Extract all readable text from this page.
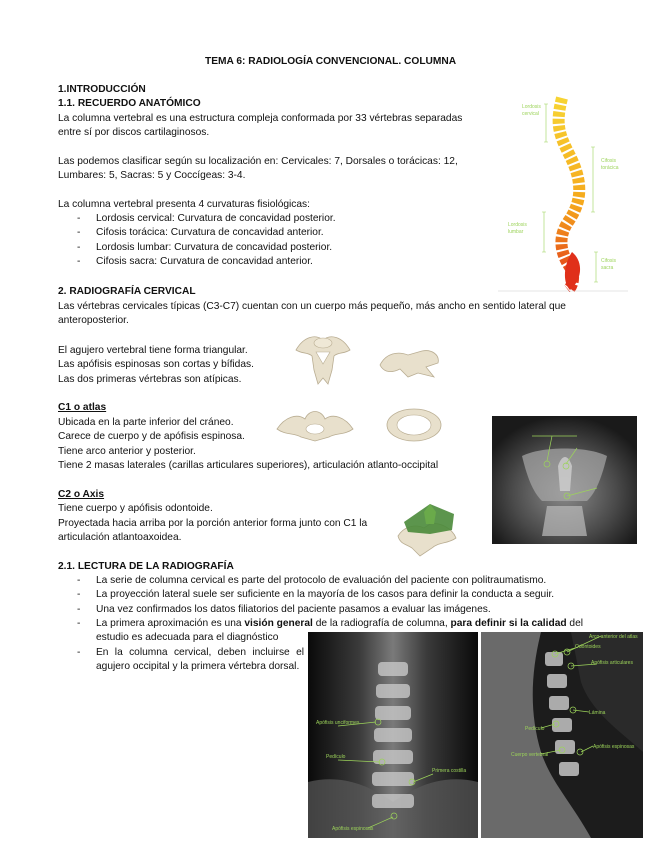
TEMA 6: RADIOLOGÍA CONVENCIONAL. COLUMNA
1.INTRODUCCIÓN
1.1. RECUERDO ANATÓMICO
La columna vertebral es una estructura compleja conformada por 33 vértebras separadas
entre sí por discos cartilaginosos.
Las podemos clasificar según su localización en: Cervicales: 7, Dorsales o torácicas: 12,
Lumbares: 5, Sacras: 5 y Coccígeas: 3-4.
La columna vertebral presenta 4 curvaturas fisiológicas:
- Lordosis cervical: Curvatura de concavidad posterior.
- Cifosis torácica: Curvatura de concavidad anterior.
- Lordosis lumbar: Curvatura de concavidad posterior.
- Cifosis sacra: Curvatura de concavidad anterior.
Lordosis
cervical
Cifosis
torácica
Lordosis
lumbar
Cifosis
sacra
2. RADIOGRAFÍA CERVICAL
Las vértebras cervicales típicas (C3-C7) cuentan con un cuerpo más pequeño, más ancho en sentido lateral que
anteroposterior.
El agujero vertebral tiene forma triangular.
Las apófisis espinosas son cortas y bífidas.
Las dos primeras vértebras son atípicas.
C1 o atlas
Ubicada en la parte inferior del cráneo.
Carece de cuerpo y de apófisis espinosa.
Tiene arco anterior y posterior.
Tiene 2 masas laterales (carillas articulares superiores), articulación atlanto-occipital
C2 o Axis
Tiene cuerpo y apófisis odontoide.
Proyectada hacia arriba por la porción anterior forma junto con C1 la
articulación atlantoaxoidea.
2.1. LECTURA DE LA RADIOGRAFÍA
- La serie de columna cervical es parte del protocolo de evaluación del paciente con politraumatismo.
- La proyección lateral suele ser suficiente en la mayoría de los casos para definir la conducta a seguir.
- Una vez confirmados los datos filiatorios del paciente pasamos a evaluar las imágenes.
- La primera aproximación es una visión general de la radiografía de columna, para definir si la calidad del
estudio es adecuada para el diagnóstico
- En la columna cervical, deben incluirse el agujero occipital y la primera vértebra dorsal.
Apófisis unciformes
Pedículo
Primera costilla
Apófisis espinosas
Arco anterior del atlas
Odontoides
Apófisis articulares
Lámina
Pedículo
Cuerpo vertebral
Apófisis espinosas
